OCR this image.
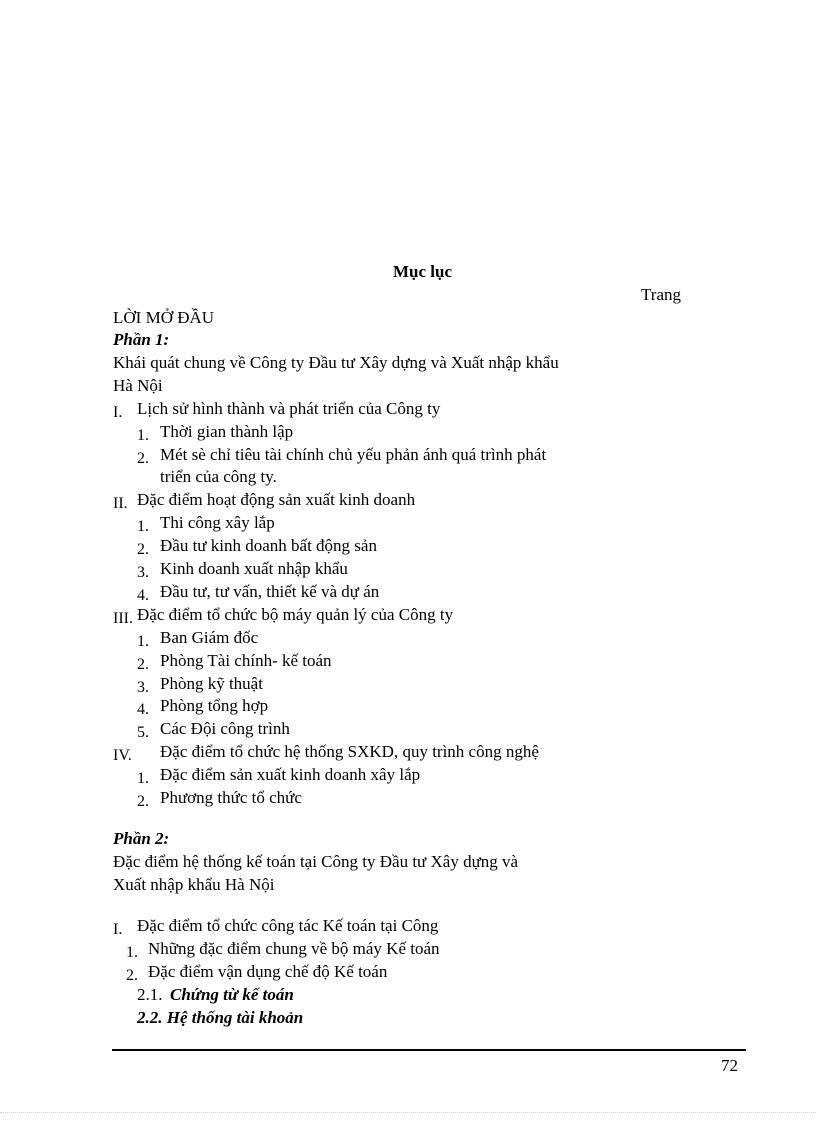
Mục lục
Trang
LỜI MỞ ĐẦU
Phần 1:
Khái quát chung về Công ty Đầu tư Xây dựng và Xuất nhập khẩu
Hà Nội
I. Lịch sử hình thành và phát triển của Công ty
1. Thời gian thành lập
2. Mét sè chỉ tiêu tài chính chủ yếu phản ánh quá trình phát
triển của công ty.
II. Đặc điểm hoạt động sản xuất kinh doanh
1. Thi công xây lắp
2. Đầu tư kinh doanh bất động sản
3. Kinh doanh xuất nhập khẩu
4. Đầu tư, tư vấn, thiết kế và dự án
III. Đặc điểm tổ chức bộ máy quản lý của Công ty
1. Ban Giám đốc
2. Phòng Tài chính- kế toán
3. Phòng kỹ thuật
4. Phòng tổng hợp
5. Các Đội công trình
IV. Đặc điểm tổ chức hệ thống SXKD, quy trình công nghệ
1. Đặc điểm sản xuất kinh doanh xây lắp
2. Phương thức tổ chức
Phần 2:
Đặc điểm hệ thống kế toán tại Công ty Đầu tư Xây dựng và
Xuất nhập khẩu Hà Nội
I. Đặc điểm tổ chức công tác Kế toán tại Công
1. Những đặc điểm chung về bộ máy Kế toán
2. Đặc điểm vận dụng chế độ Kế toán
2.1. Chứng từ kế toán
2.2. Hệ thống tài khoản
72
